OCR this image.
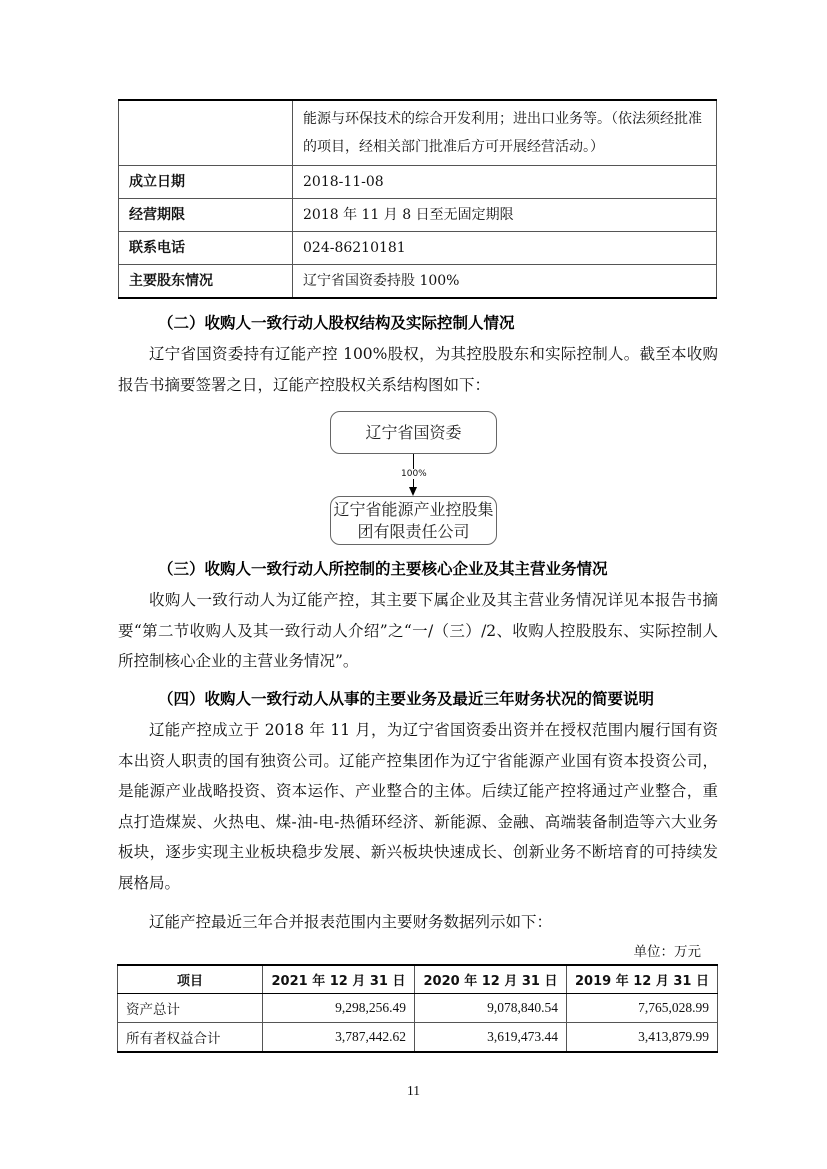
	能源与环保技术的综合开发利用；进出口业务等。（依法须经批准的项目，经相关部门批准后方可开展经营活动。）
成立日期	2018-11-08
经营期限	2018 年 11 月 8 日至无固定期限
联系电话	024-86210181
主要股东情况	辽宁省国资委持股 100%
（二）收购人一致行动人股权结构及实际控制人情况

辽宁省国资委持有辽能产控 100%股权，为其控股股东和实际控制人。截至本收购报告书摘要签署之日，辽能产控股权关系结构图如下：

辽宁省国资委
100%
辽宁省能源产业控股集团有限责任公司
（三）收购人一致行动人所控制的主要核心企业及其主营业务情况

收购人一致行动人为辽能产控，其主要下属企业及其主营业务情况详见本报告书摘要“第二节收购人及其一致行动人介绍”之“一/（三）/2、收购人控股股东、实际控制人所控制核心企业的主营业务情况”。

（四）收购人一致行动人从事的主要业务及最近三年财务状况的简要说明

辽能产控成立于 2018 年 11 月，为辽宁省国资委出资并在授权范围内履行国有资本出资人职责的国有独资公司。辽能产控集团作为辽宁省能源产业国有资本投资公司，是能源产业战略投资、资本运作、产业整合的主体。后续辽能产控将通过产业整合，重点打造煤炭、火热电、煤-油-电-热循环经济、新能源、金融、高端装备制造等六大业务板块，逐步实现主业板块稳步发展、新兴板块快速成长、创新业务不断培育的可持续发展格局。

辽能产控最近三年合并报表范围内主要财务数据列示如下：

单位：万元
项目	2021 年 12 月 31 日	2020 年 12 月 31 日	2019 年 12 月 31 日
资产总计	9,298,256.49	9,078,840.54	7,765,028.99
所有者权益合计	3,787,442.62	3,619,473.44	3,413,879.99
11
